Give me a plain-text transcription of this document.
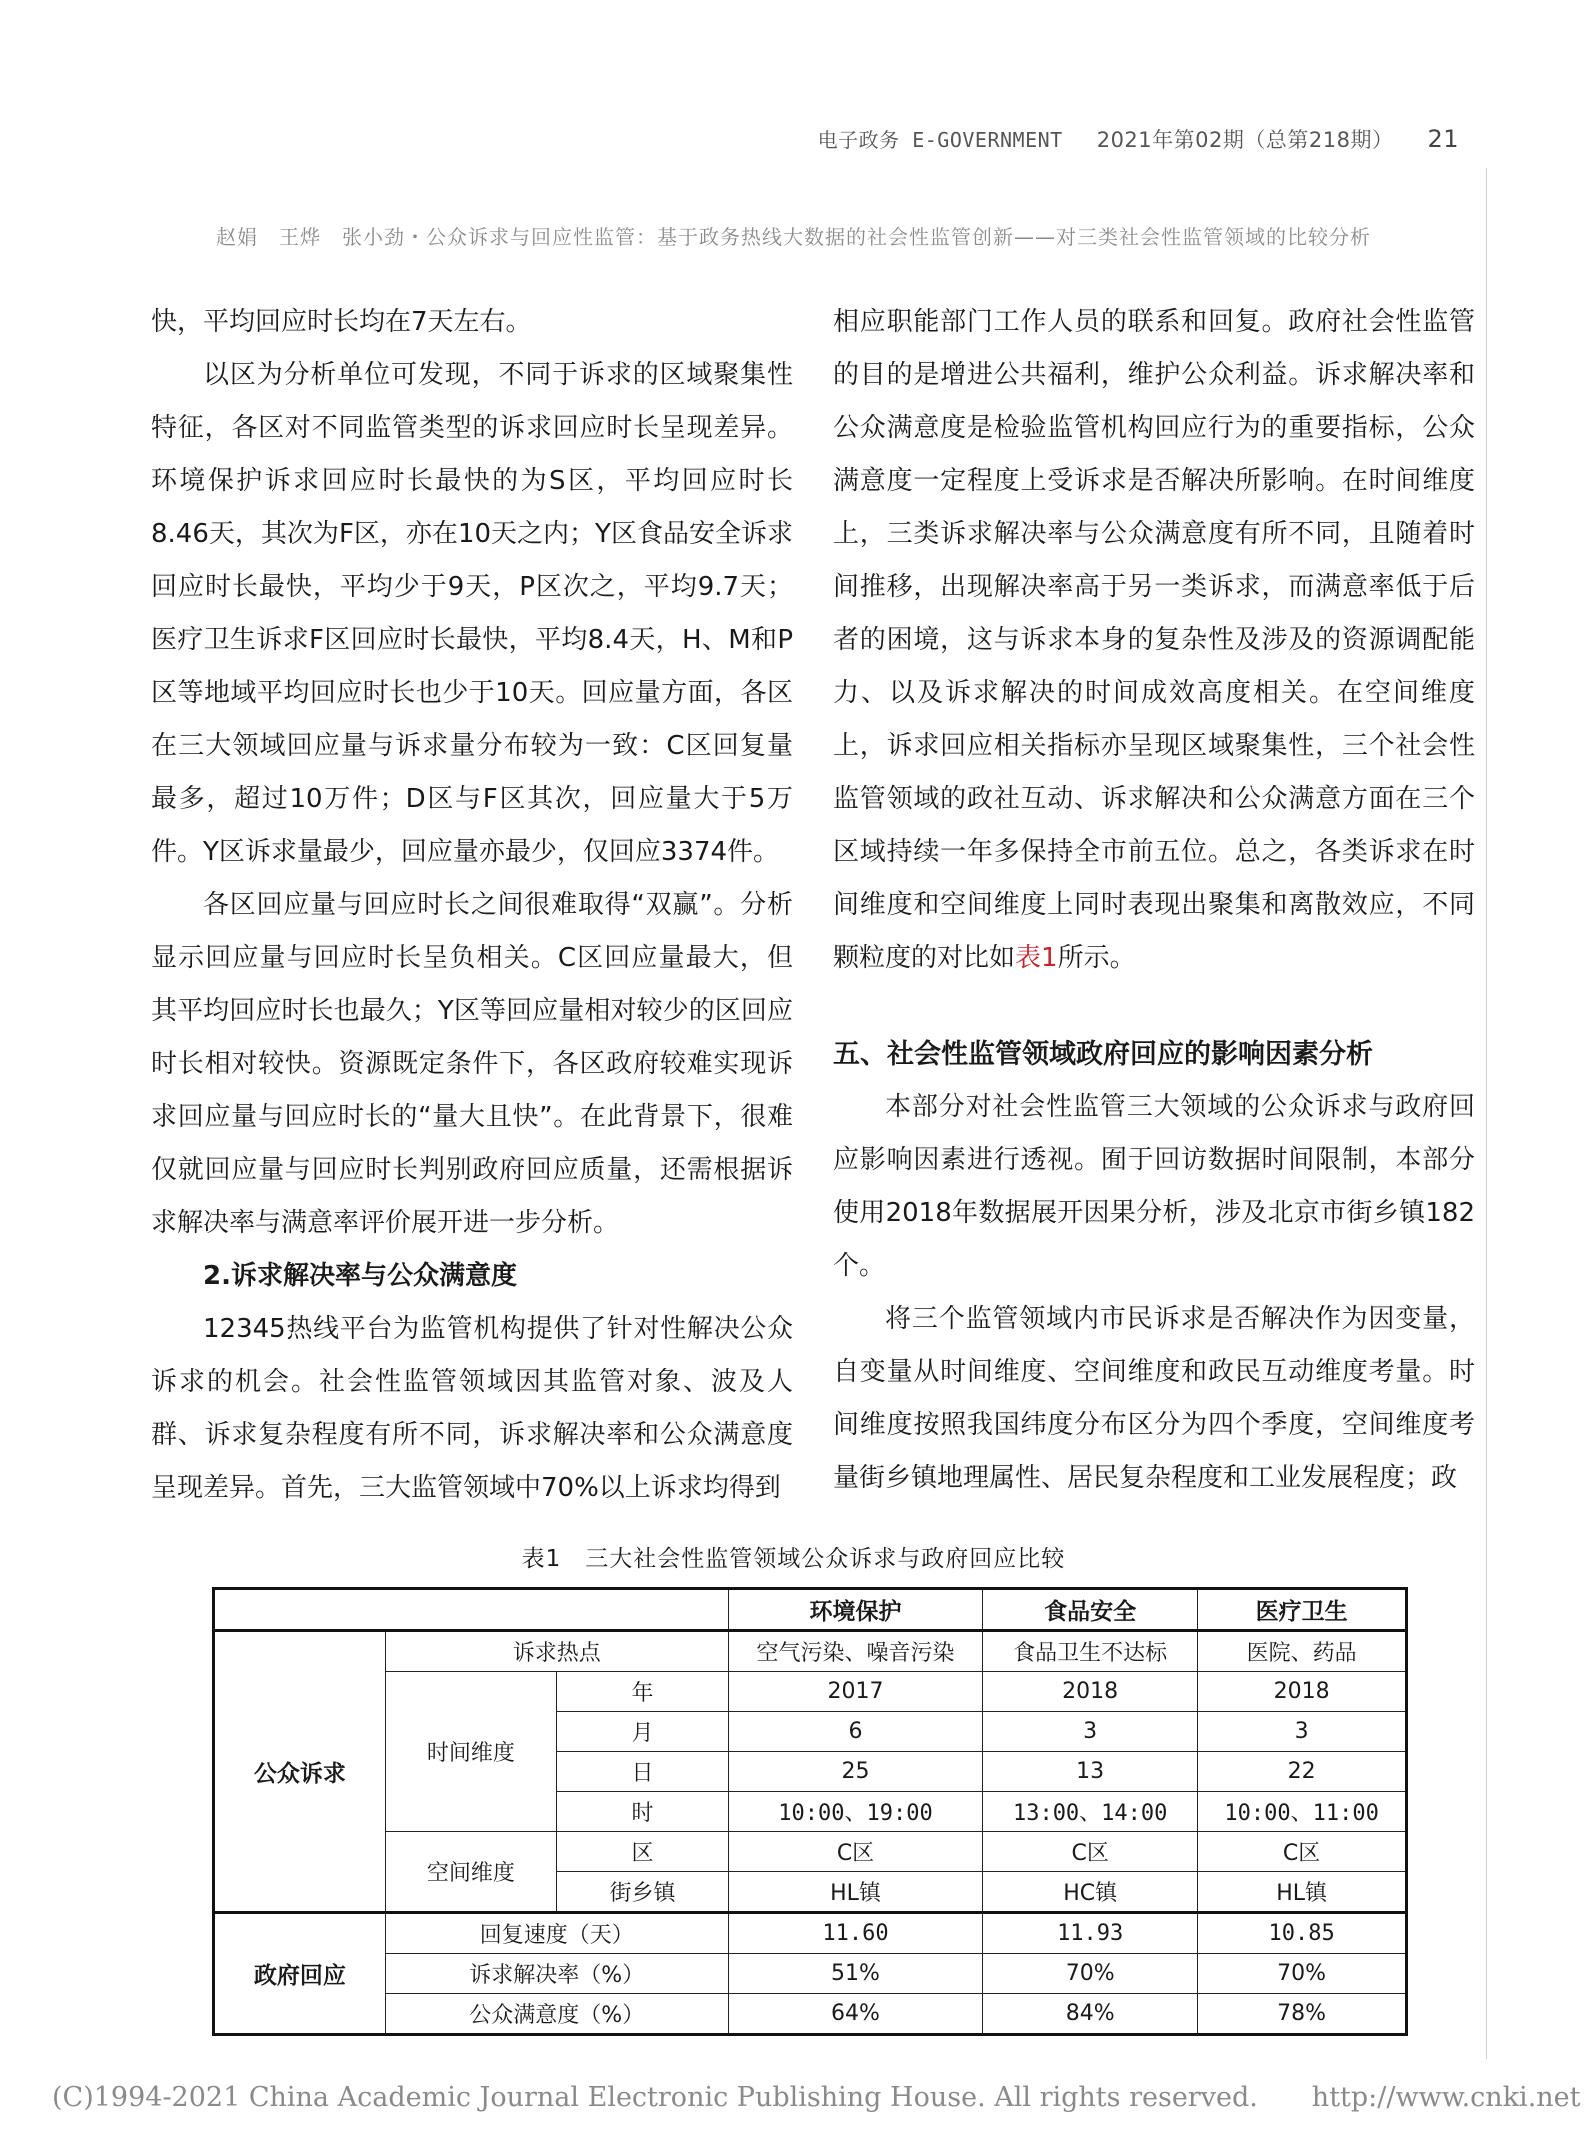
电子政务 E-GOVERNMENT 2021年第02期（总第218期） 21
赵娟　王烨　张小劲・公众诉求与回应性监管：基于政务热线大数据的社会性监管创新——对三类社会性监管领域的比较分析

快，平均回应时长均在7天左右。

以区为分析单位可发现，不同于诉求的区域聚集性特征，各区对不同监管类型的诉求回应时长呈现差异。环境保护诉求回应时长最快的为S区，平均回应时长8.46天，其次为F区，亦在10天之内；Y区食品安全诉求回应时长最快，平均少于9天，P区次之，平均9.7天；医疗卫生诉求F区回应时长最快，平均8.4天，H、M和P区等地域平均回应时长也少于10天。回应量方面，各区在三大领域回应量与诉求量分布较为一致：C区回复量最多，超过10万件；D区与F区其次，回应量大于5万件。Y区诉求量最少，回应量亦最少，仅回应3374件。

各区回应量与回应时长之间很难取得“双赢”。分析显示回应量与回应时长呈负相关。C区回应量最大，但其平均回应时长也最久；Y区等回应量相对较少的区回应时长相对较快。资源既定条件下，各区政府较难实现诉求回应量与回应时长的“量大且快”。在此背景下，很难仅就回应量与回应时长判别政府回应质量，还需根据诉求解决率与满意率评价展开进一步分析。

2.诉求解决率与公众满意度

12345热线平台为监管机构提供了针对性解决公众诉求的机会。社会性监管领域因其监管对象、波及人群、诉求复杂程度有所不同，诉求解决率和公众满意度呈现差异。首先，三大监管领域中70%以上诉求均得到

相应职能部门工作人员的联系和回复。政府社会性监管的目的是增进公共福利，维护公众利益。诉求解决率和公众满意度是检验监管机构回应行为的重要指标，公众满意度一定程度上受诉求是否解决所影响。在时间维度上，三类诉求解决率与公众满意度有所不同，且随着时间推移，出现解决率高于另一类诉求，而满意率低于后者的困境，这与诉求本身的复杂性及涉及的资源调配能力、以及诉求解决的时间成效高度相关。在空间维度上，诉求回应相关指标亦呈现区域聚集性，三个社会性监管领域的政社互动、诉求解决和公众满意方面在三个区域持续一年多保持全市前五位。总之，各类诉求在时间维度和空间维度上同时表现出聚集和离散效应，不同颗粒度的对比如表1所示。

五、社会性监管领域政府回应的影响因素分析

本部分对社会性监管三大领域的公众诉求与政府回应影响因素进行透视。囿于回访数据时间限制，本部分使用2018年数据展开因果分析，涉及北京市街乡镇182个。

将三个监管领域内市民诉求是否解决作为因变量，自变量从时间维度、空间维度和政民互动维度考量。时间维度按照我国纬度分布区分为四个季度，空间维度考量街乡镇地理属性、居民复杂程度和工业发展程度；政

表1　三大社会性监管领域公众诉求与政府回应比较
			环境保护	食品安全	医疗卫生
公众诉求	诉求热点		空气污染、噪音污染	食品卫生不达标	医院、药品
	时间维度	年	2017	2018	2018
		月	6	3	3
		日	25	13	22
		时	10:00、19:00	13:00、14:00	10:00、11:00
	空间维度	区	C区	C区	C区
		街乡镇	HL镇	HC镇	HL镇
政府回应	回复速度（天）		11.60	11.93	10.85
	诉求解决率（%）		51%	70%	70%
	公众满意度（%）		64%	84%	78%
(C)1994-2021 China Academic Journal Electronic Publishing House. All rights reserved.　　http://www.cnki.net
